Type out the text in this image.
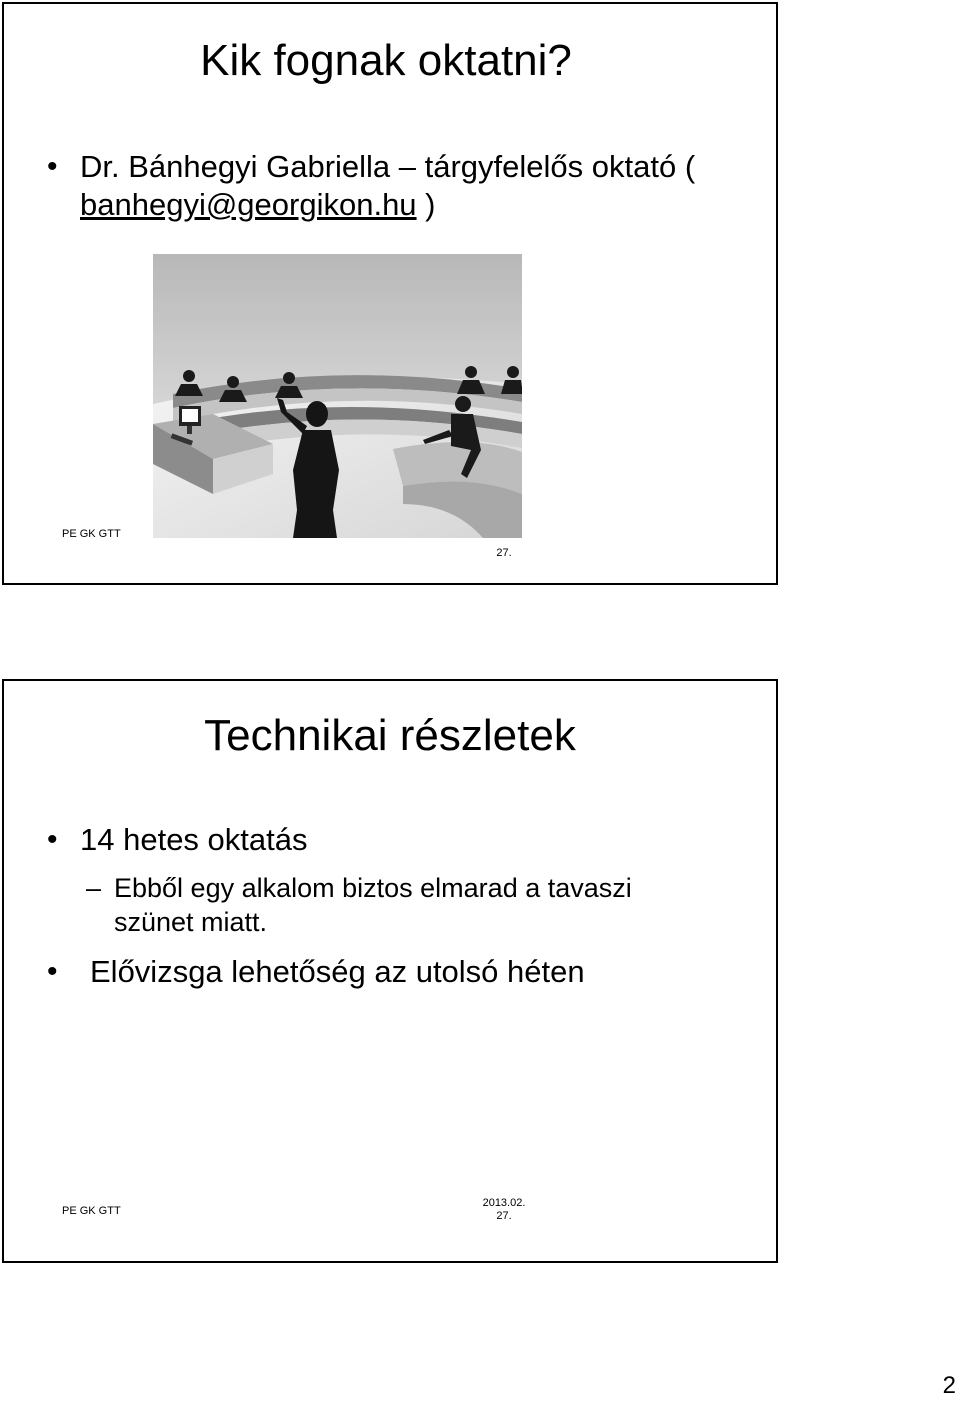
Kik fognak oktatni?
• Dr. Bánhegyi Gabriella – tárgyfelelős oktató ( banhegyi@georgikon.hu )
PE GK GTT
27.
Technikai részletek
• 14 hetes oktatás
– Ebből egy alkalom biztos elmarad a tavaszi szünet miatt.
• Elővizsga lehetőség az utolsó héten
PE GK GTT
2013.02.
27.
2
